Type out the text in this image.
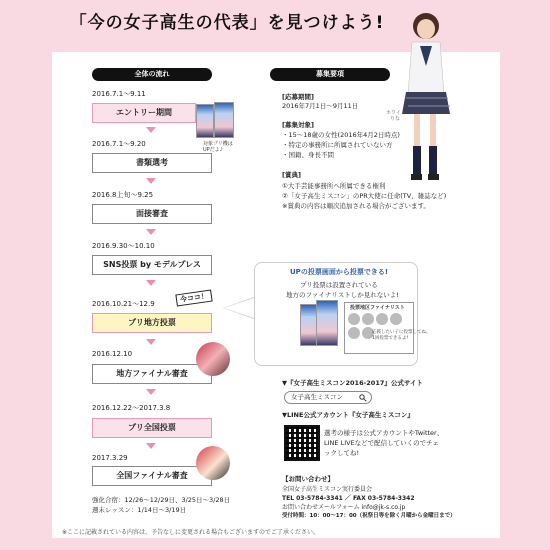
「今の女子高生の代表」を見つけよう!
ホワイト
りな
全体の流れ	募集要項
2016.7.1～9.11
エントリー期間
対象プリ機は
UPだよ♪
2016.7.1～9.20
書類選考
2016.8上旬～9.25
面接審査
2016.9.30～10.10
SNS投票 by モデルプレス
2016.10.21～12.9
今ココ！
プリ地方投票
2016.12.10
地方ファイナル審査
2016.12.22～2017.3.8
プリ全国投票
2017.3.29
全国ファイナル審査
強化合宿：12/26～12/29日、3/25日～3/28日
週末レッスン：1/14日～3/19日
※ここに記載されている内容は、予告なしに変更される場合もございますのでご了承ください。
[応募期間]
2016年7月1日～9月11日
[募集対象]
・15～18歳の女性(2016年4月2日時点)
・特定の事務所に所属されていない方
・国籍、身長不問
[賞典]
①大手芸能事務所へ所属できる権利
②「女子高生ミスコン」のPR大使に任命(TV、雑誌など)
※賞典の内容は順次追加される場合がございます。
UPの投票画面から投票できる!
プリ投票は設置されている
地方のファイナリストしか見れないよ!
投票地区ファイナリスト
応援したい子に投票してね。
1回投票できるよ!
▼『女子高生ミスコン2016-2017』公式サイト
女子高生ミスコン
▼LINE公式アカウント『女子高生ミスコン』
選考の様子は公式アカウントやTwitter、LINE LIVEなどで配信していくのでチェックしてね!
【お問い合わせ】
全国女子高生ミスコン実行委員会
TEL 03-5784-3341 ／ FAX 03-5784-3342
お問い合わせメールフォーム info@jk-s.co.jp
受付時間：10：00～17：00（祝祭日等を除く月曜から金曜日まで）
